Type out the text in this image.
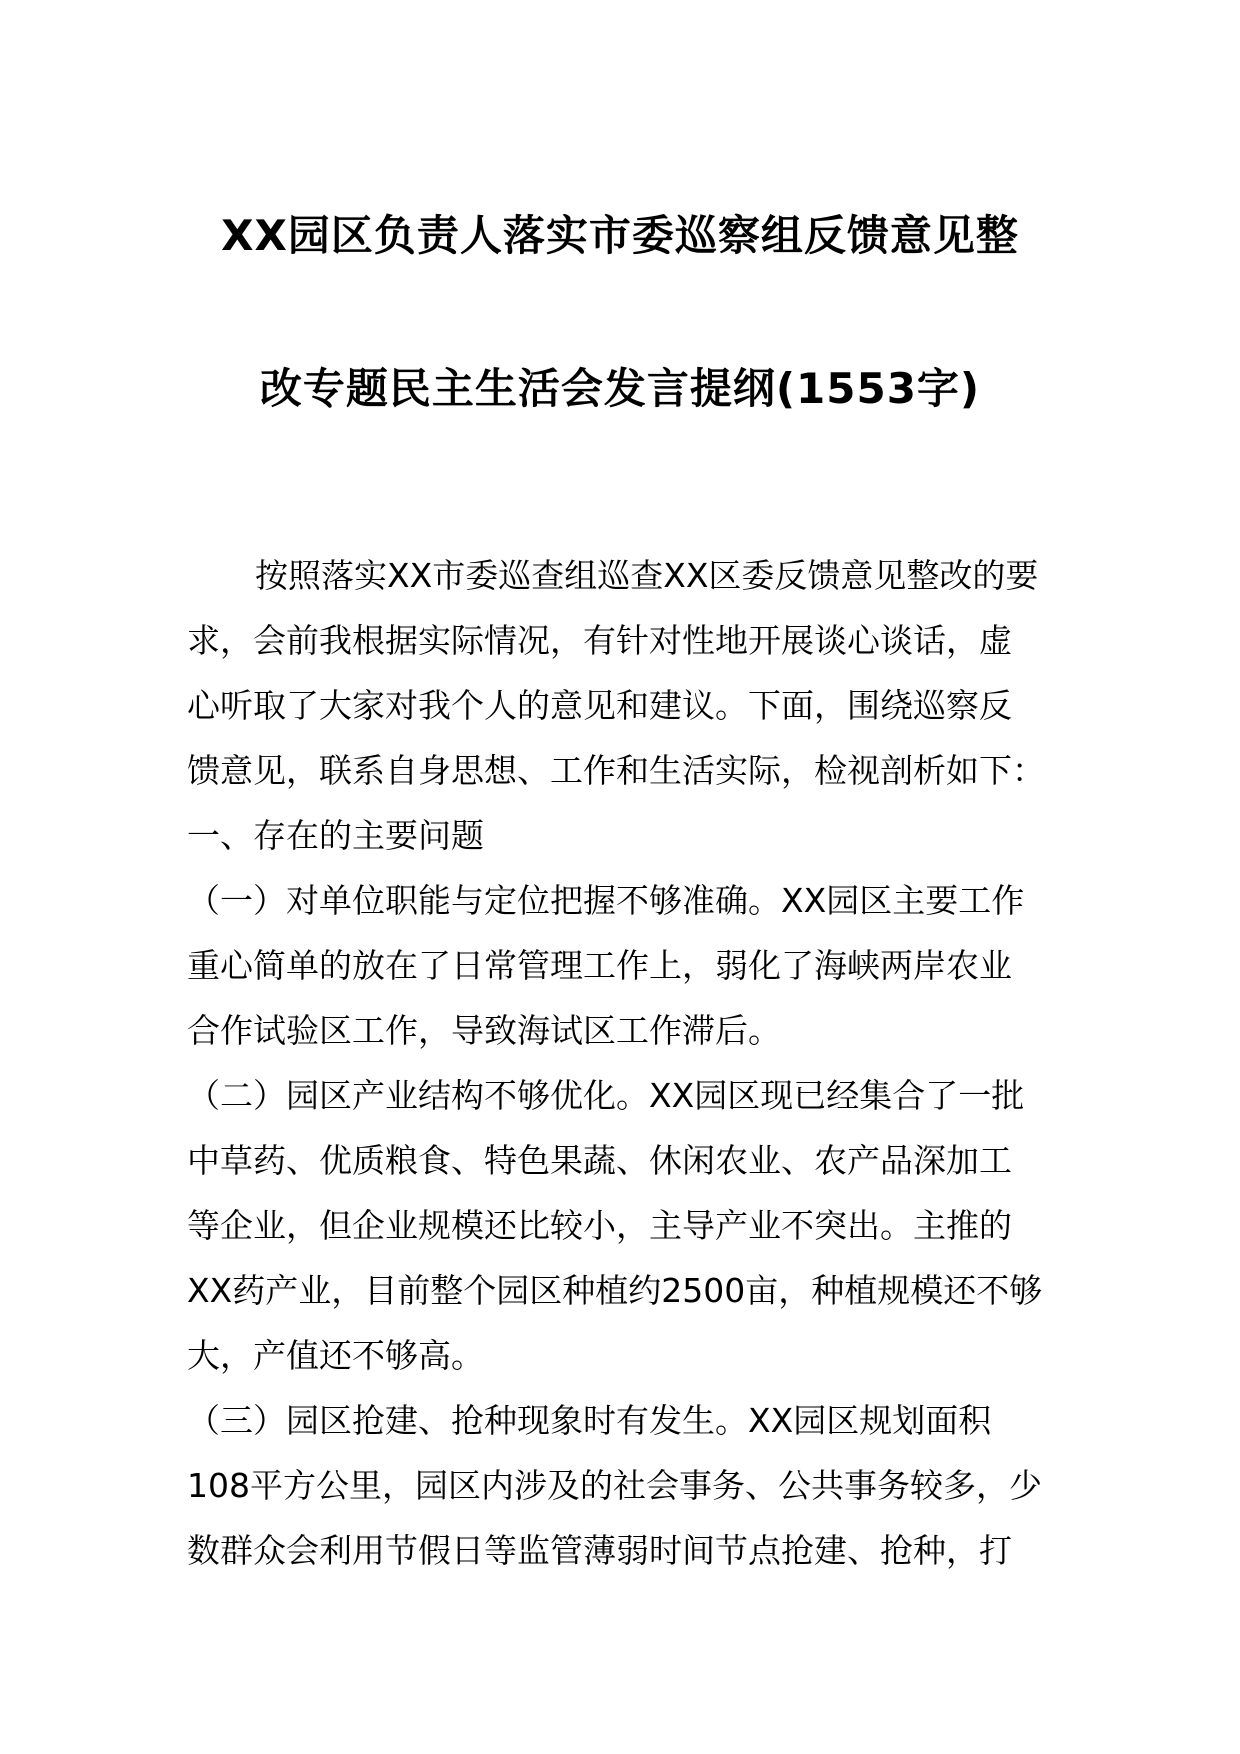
XX园区负责人落实市委巡察组反馈意见整
改专题民主生活会发言提纲(1553字)
按照落实XX市委巡查组巡查XX区委反馈意见整改的要
求，会前我根据实际情况，有针对性地开展谈心谈话，虚
心听取了大家对我个人的意见和建议。下面，围绕巡察反
馈意见，联系自身思想、工作和生活实际，检视剖析如下：
一、存在的主要问题
（一）对单位职能与定位把握不够准确。XX园区主要工作
重心简单的放在了日常管理工作上，弱化了海峡两岸农业
合作试验区工作，导致海试区工作滞后。
（二）园区产业结构不够优化。XX园区现已经集合了一批
中草药、优质粮食、特色果蔬、休闲农业、农产品深加工
等企业，但企业规模还比较小，主导产业不突出。主推的
XX药产业，目前整个园区种植约2500亩，种植规模还不够
大，产值还不够高。
（三）园区抢建、抢种现象时有发生。XX园区规划面积
108平方公里，园区内涉及的社会事务、公共事务较多，少
数群众会利用节假日等监管薄弱时间节点抢建、抢种，打
